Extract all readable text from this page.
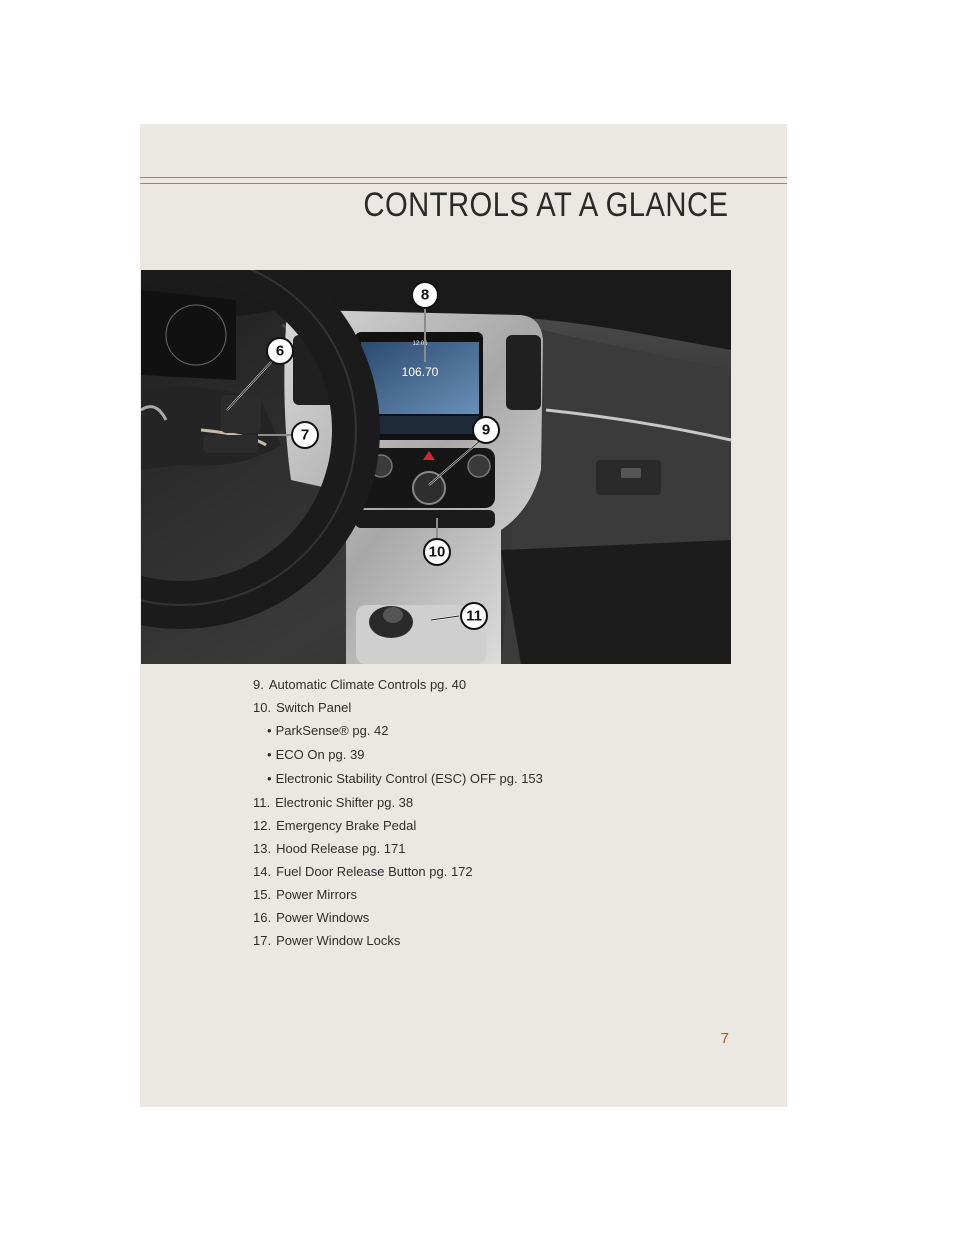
CONTROLS AT A GLANCE
106.70
12:06
8
6
7	9
10
11
9. Automatic Climate Controls pg. 40
10. Switch Panel
• ParkSense® pg. 42
• ECO On pg. 39
• Electronic Stability Control (ESC) OFF pg. 153
11. Electronic Shifter pg. 38
12. Emergency Brake Pedal
13. Hood Release pg. 171
14. Fuel Door Release Button pg. 172
15. Power Mirrors
16. Power Windows
17. Power Window Locks
7
